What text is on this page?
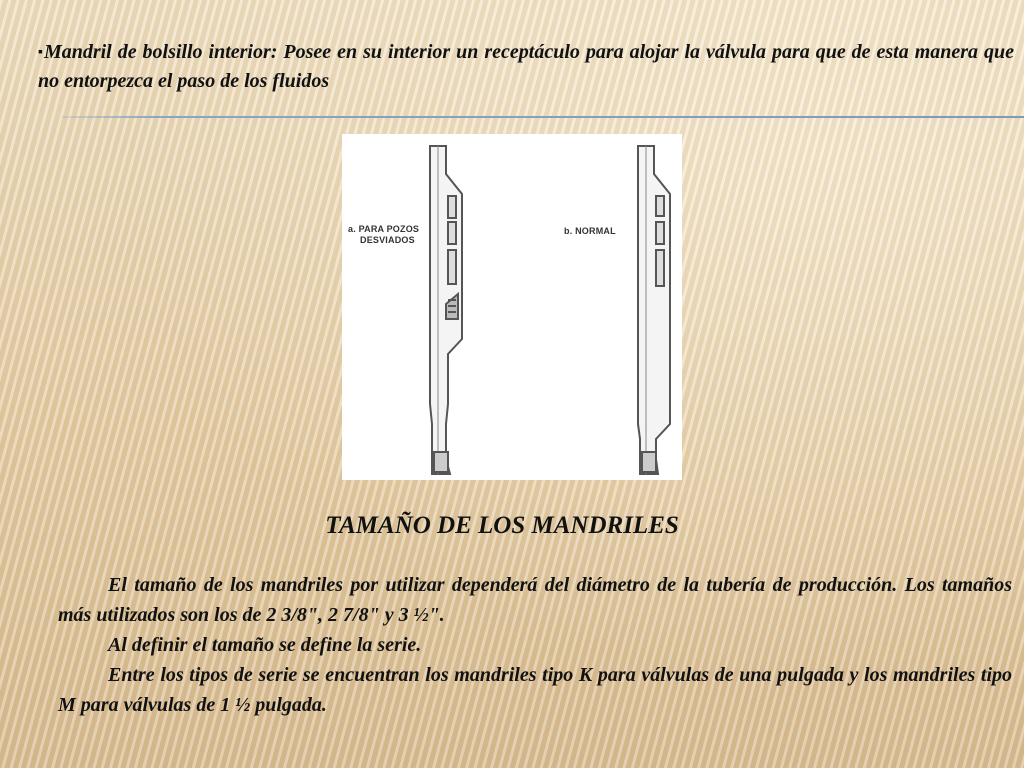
▪Mandril de bolsillo interior: Posee en su interior un receptáculo para alojar la válvula para que de esta manera que no entorpezca el paso de los fluidos
a. PARA POZOS
DESVIADOS
b. NORMAL
TAMAÑO DE LOS MANDRILES

El tamaño de los mandriles por utilizar dependerá del diámetro de la tubería de producción. Los tamaños más utilizados son los de 2 3/8", 2 7/8" y 3 ½".

Al definir el tamaño se define la serie.

Entre los tipos de serie se encuentran los mandriles tipo K para válvulas de una pulgada y los mandriles tipo M para válvulas de 1 ½ pulgada.
